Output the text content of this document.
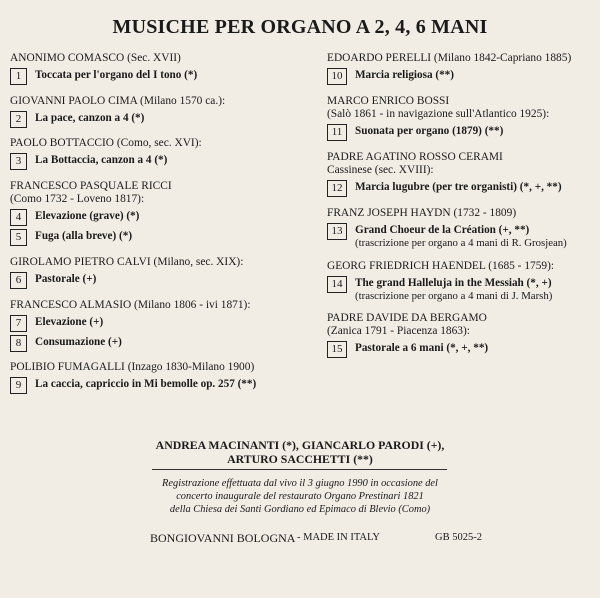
MUSICHE PER ORGANO A 2, 4, 6 MANI
ANONIMO COMASCO (Sec. XVII)
1	Toccata per l'organo del I tono (*)
GIOVANNI PAOLO CIMA (Milano 1570 ca.):
2	La pace, canzon a 4 (*)
PAOLO BOTTACCIO (Como, sec. XVI):
3	La Bottaccia, canzon a 4 (*)
FRANCESCO PASQUALE RICCI
(Como 1732 - Loveno 1817):
4	Elevazione (grave) (*)
5	Fuga (alla breve) (*)
GIROLAMO PIETRO CALVI (Milano, sec. XIX):
6	Pastorale (+)
FRANCESCO ALMASIO (Milano 1806 - ivi 1871):
7	Elevazione (+)
8	Consumazione (+)
POLIBIO FUMAGALLI (Inzago 1830-Milano 1900)
9	La caccia, capriccio in Mi bemolle op. 257 (**)
EDOARDO PERELLI (Milano 1842-Capriano 1885)
10	Marcia religiosa (**)
MARCO ENRICO BOSSI
(Salò 1861 - in navigazione sull'Atlantico 1925):
11	Suonata per organo (1879) (**)
PADRE AGATINO ROSSO CERAMI
Cassinese (sec. XVIII):
12	Marcia lugubre (per tre organisti) (*, +, **)
FRANZ JOSEPH HAYDN (1732 - 1809)
13	Grand Choeur de la Création (+, **)
(trascrizione per organo a 4 mani di R. Grosjean)
GEORG FRIEDRICH HAENDEL (1685 - 1759):
14	The grand Halleluja in the Messiah (*, +)
(trascrizione per organo a 4 mani di J. Marsh)
PADRE DAVIDE DA BERGAMO
(Zanica 1791 - Piacenza 1863):
15	Pastorale a 6 mani (*, +, **)
ANDREA MACINANTI (*), GIANCARLO PARODI (+),
ARTURO SACCHETTI (**)
Registrazione effettuata dal vivo il 3 giugno 1990 in occasione del
concerto inaugurale del restaurato Organo Prestinari 1821
della Chiesa dei Santi Gordiano ed Epimaco di Blevio (Como)
BONGIOVANNI BOLOGNA - MADE IN ITALY	GB 5025-2
